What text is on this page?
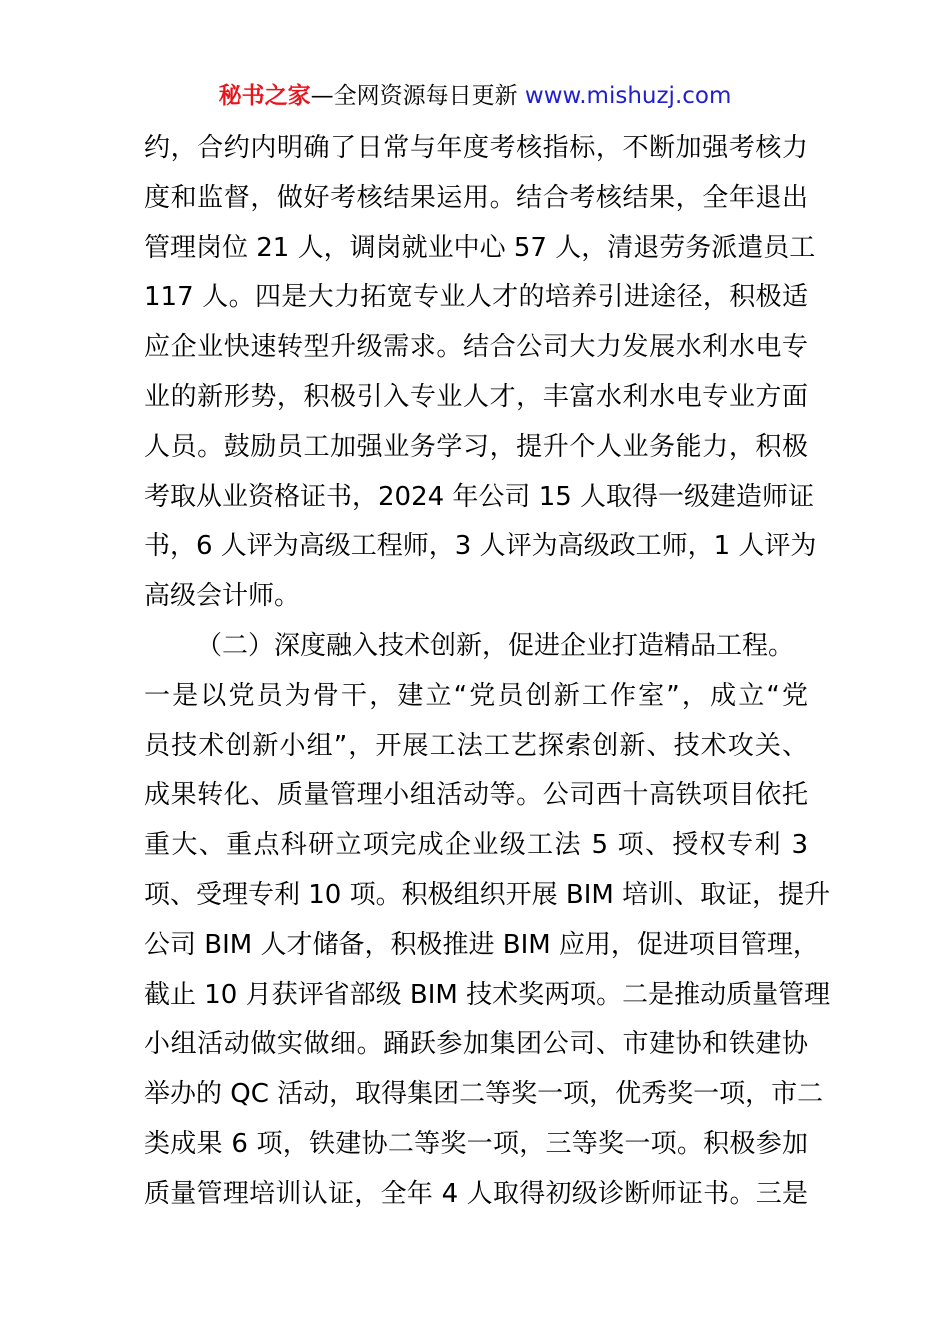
秘书之家—全网资源每日更新 www.mishuzj.com
约，合约内明确了日常与年度考核指标，不断加强考核力
度和监督，做好考核结果运用。结合考核结果，全年退出
管理岗位 21 人，调岗就业中心 57 人，清退劳务派遣员工
117 人。四是大力拓宽专业人才的培养引进途径，积极适
应企业快速转型升级需求。结合公司大力发展水利水电专
业的新形势，积极引入专业人才，丰富水利水电专业方面
人员。鼓励员工加强业务学习，提升个人业务能力，积极
考取从业资格证书，2024 年公司 15 人取得一级建造师证
书，6 人评为高级工程师，3 人评为高级政工师，1 人评为
高级会计师。
（二）深度融入技术创新，促进企业打造精品工程。
一是以党员为骨干，建立“党员创新工作室”，成立“党
员技术创新小组”，开展工法工艺探索创新、技术攻关、
成果转化、质量管理小组活动等。公司西十高铁项目依托
重大、重点科研立项完成企业级工法 5 项、授权专利 3
项、受理专利 10 项。积极组织开展 BIM 培训、取证，提升
公司 BIM 人才储备，积极推进 BIM 应用，促进项目管理，
截止 10 月获评省部级 BIM 技术奖两项。二是推动质量管理
小组活动做实做细。踊跃参加集团公司、市建协和铁建协
举办的 QC 活动，取得集团二等奖一项，优秀奖一项，市二
类成果 6 项，铁建协二等奖一项，三等奖一项。积极参加
质量管理培训认证，全年 4 人取得初级诊断师证书。三是
